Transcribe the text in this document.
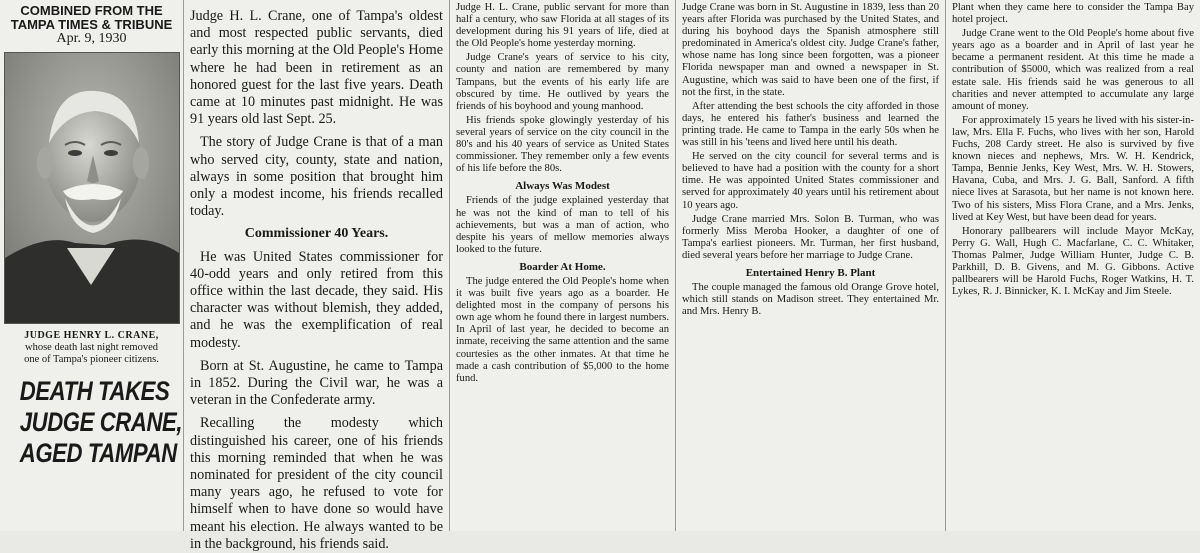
COMBINED FROM THE
TAMPA TIMES & TRIBUNE
Apr. 9, 1930
JUDGE HENRY L. CRANE,
whose death last night removed
one of Tampa's pioneer citizens.
DEATH TAKES
JUDGE CRANE,
AGED TAMPAN

Judge H. L. Crane, one of Tampa's oldest and most respected public servants, died early this morning at the Old People's Home where he had been in retirement as an honored guest for the last five years. Death came at 10 minutes past midnight. He was 91 years old last Sept. 25.

The story of Judge Crane is that of a man who served city, county, state and nation, always in some position that brought him only a modest income, his friends recalled today.

Commissioner 40 Years.

He was United States commissioner for 40-odd years and only retired from this office within the last decade, they said. His character was without blemish, they added, and he was the exemplification of real modesty.

Born at St. Augustine, he came to Tampa in 1852. During the Civil war, he was a veteran in the Confederate army.

Recalling the modesty which distinguished his career, one of his friends this morning reminded that when he was nominated for president of the city council many years ago, he refused to vote for himself when to have done so would have meant his election. He always wanted to be in the background, his friends said.

Judge H. L. Crane, public servant for more than half a century, who saw Florida at all stages of its development during his 91 years of life, died at the Old People's home yesterday morning.

Judge Crane's years of service to his city, county and nation are remembered by many Tampans, but the events of his early life are obscured by time. He outlived by years the friends of his boyhood and young manhood.

His friends spoke glowingly yesterday of his several years of service on the city council in the 80's and his 40 years of service as United States commissioner. They remember only a few events of his life before the 80s.

Always Was Modest

Friends of the judge explained yesterday that he was not the kind of man to tell of his achievements, but was a man of action, who despite his years of mellow memories always looked to the future.

Boarder At Home.

The judge entered the Old People's home when it was built five years ago as a boarder. He delighted most in the company of persons his own age whom he found there in largest numbers. In April of last year, he decided to become an inmate, receiving the same attention and the same courtesies as the other inmates. At that time he made a cash contribution of $5,000 to the home fund.

Judge Crane was born in St. Augustine in 1839, less than 20 years after Florida was purchased by the United States, and during his boyhood days the Spanish atmosphere still predominated in America's oldest city. Judge Crane's father, whose name has long since been forgotten, was a pioneer Florida newspaper man and owned a newspaper in St. Augustine, which was said to have been one of the first, if not the first, in the state.

After attending the best schools the city afforded in those days, he entered his father's business and learned the printing trade. He came to Tampa in the early 50s when he was still in his 'teens and lived here until his death.

He served on the city council for several terms and is believed to have had a position with the county for a short time. He was appointed United States commissioner and served for approximately 40 years until his retirement about 10 years ago.

Judge Crane married Mrs. Solon B. Turman, who was formerly Miss Meroba Hooker, a daughter of one of Tampa's earliest pioneers. Mr. Turman, her first husband, died several years before her marriage to Judge Crane.

Entertained Henry B. Plant

The couple managed the famous old Orange Grove hotel, which still stands on Madison street. They entertained Mr. and Mrs. Henry B.

Plant when they came here to consider the Tampa Bay hotel project.

Judge Crane went to the Old People's home about five years ago as a boarder and in April of last year he became a permanent resident. At this time he made a contribution of $5000, which was realized from a real estate sale. His friends said he was generous to all charities and never attempted to accumulate any large amount of money.

For approximately 15 years he lived with his sister-in-law, Mrs. Ella F. Fuchs, who lives with her son, Harold Fuchs, 208 Cardy street. He also is survived by five known nieces and nephews, Mrs. W. H. Kendrick, Tampa, Bennie Jenks, Key West, Mrs. W. H. Stowers, Havana, Cuba, and Mrs. J. G. Ball, Sanford. A fifth niece lives at Sarasota, but her name is not known here. Two of his sisters, Miss Flora Crane, and a Mrs. Jenks, lived at Key West, but have been dead for years.

Honorary pallbearers will include Mayor McKay, Perry G. Wall, Hugh C. Macfarlane, C. C. Whitaker, Thomas Palmer, Judge William Hunter, Judge C. B. Parkhill, D. B. Givens, and M. G. Gibbons. Active pallbearers will be Harold Fuchs, Roger Watkins, H. T. Lykes, R. J. Binnicker, K. I. McKay and Jim Steele.
